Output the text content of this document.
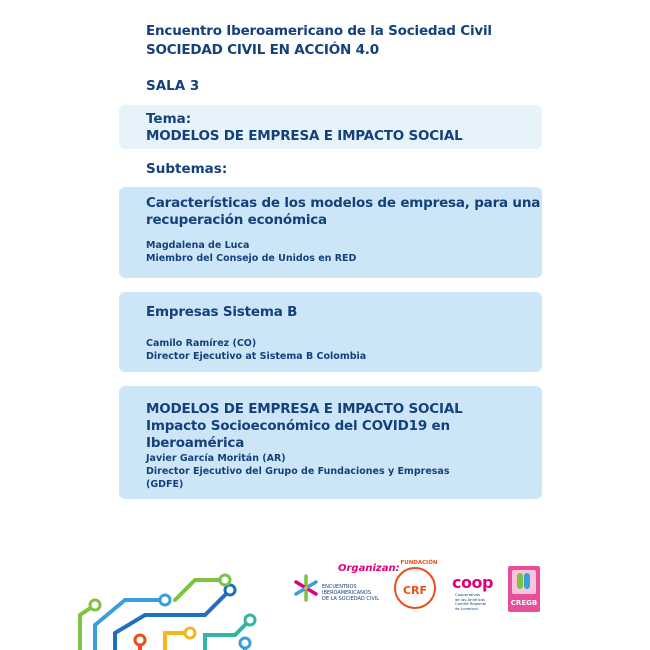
Encuentro Iberoamericano de la Sociedad Civil
SOCIEDAD CIVIL EN ACCIÓN 4.0
SALA 3
Tema:
MODELOS DE EMPRESA E IMPACTO SOCIAL
Subtemas:
Características de los modelos de empresa, para una
recuperación económica
Magdalena de Luca
Miembro del Consejo de Unidos en RED
Empresas Sistema B
Camilo Ramírez (CO)
Director Ejecutivo at Sistema B Colombia
MODELOS DE EMPRESA E IMPACTO SOCIAL
Impacto Socioeconómico del COVID19 en Iberoamérica
Javier García Moritán (AR)
Director Ejecutivo del Grupo de Fundaciones y Empresas
(GDFE)
Organizan:
ENCUENTROS
IBEROAMERICANOS
DE LA SOCIEDAD CIVIL
FUNDACIÓN
CRF coop
Cooperativas
de las Américas
Comité Regional
de Juventud
CREGB
